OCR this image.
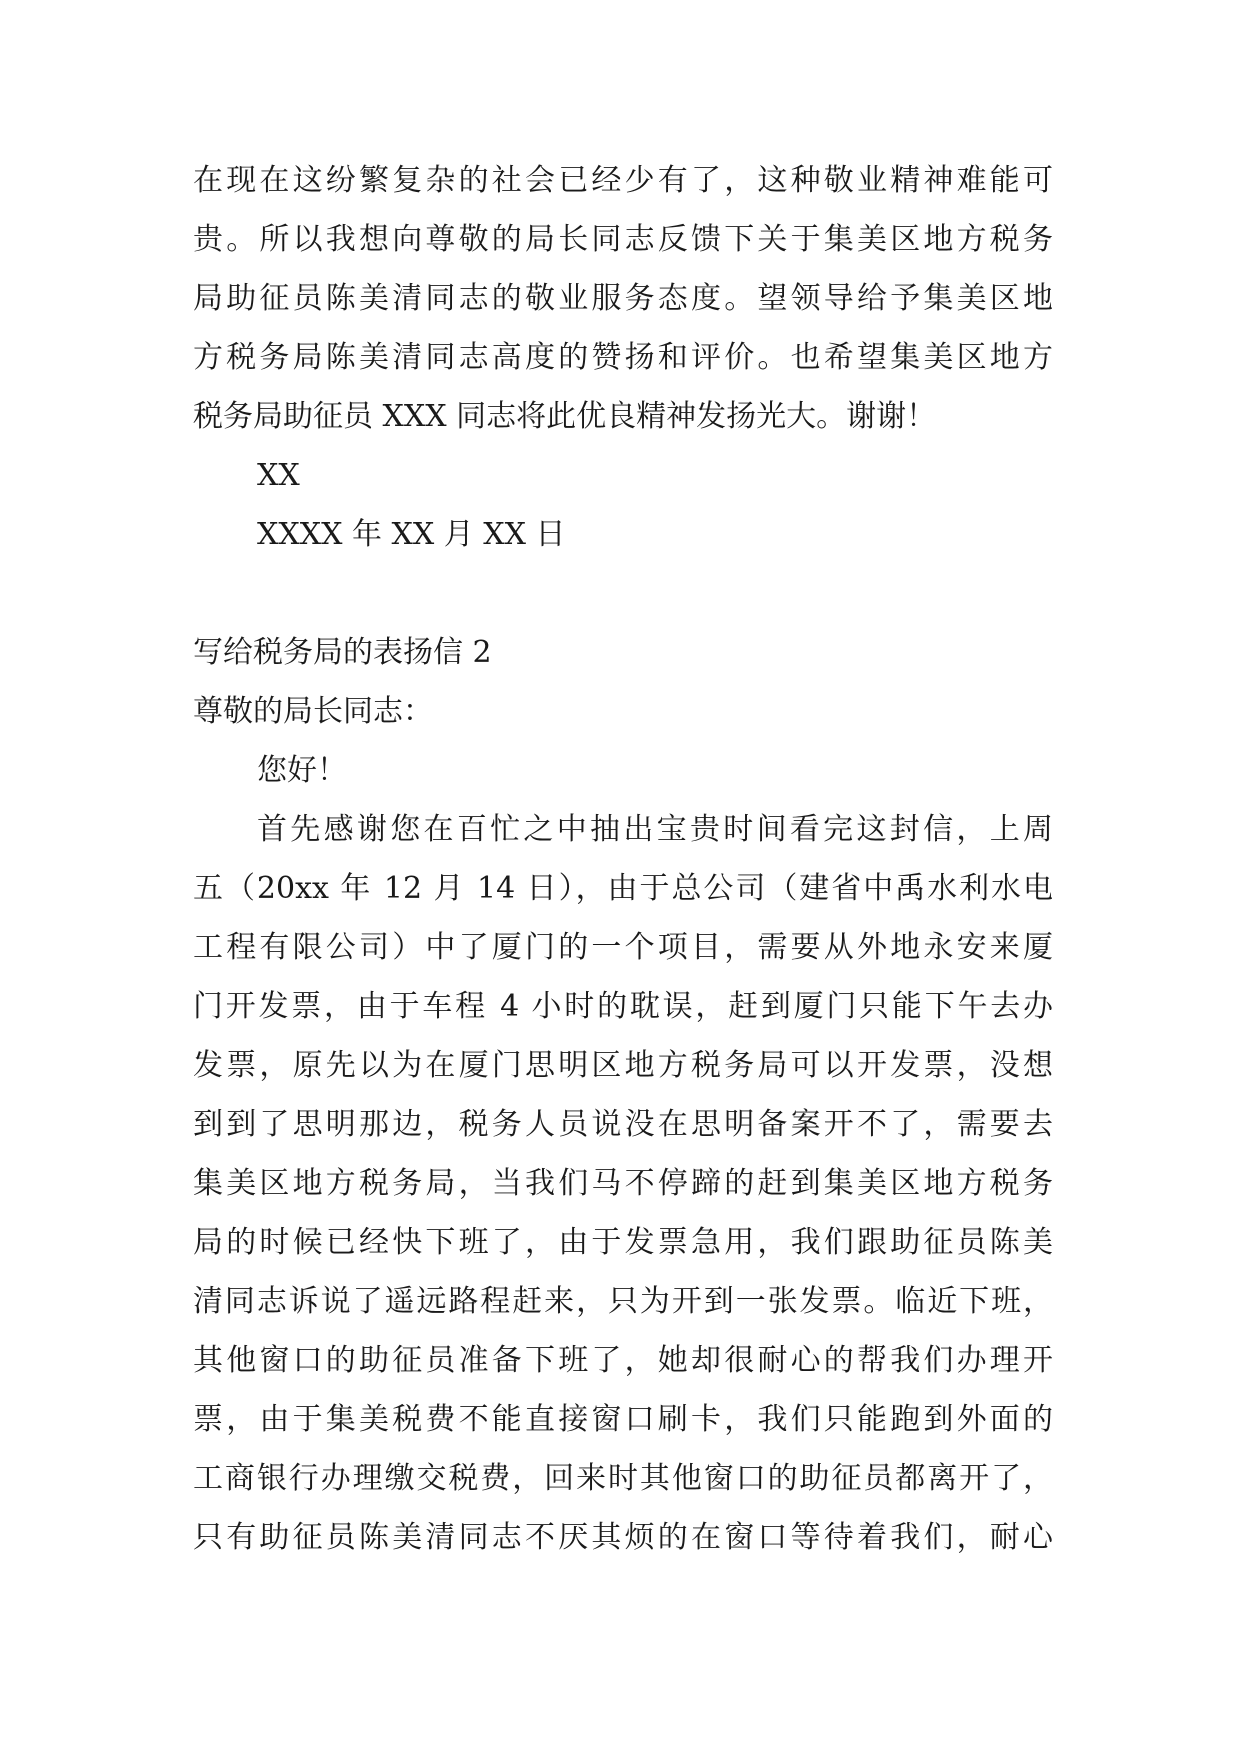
在现在这纷繁复杂的社会已经少有了，这种敬业精神难能可
贵。所以我想向尊敬的局长同志反馈下关于集美区地方税务
局助征员陈美清同志的敬业服务态度。望领导给予集美区地
方税务局陈美清同志高度的赞扬和评价。也希望集美区地方
税务局助征员 XXX 同志将此优良精神发扬光大。谢谢！
XX
XXXX 年 XX 月 XX 日
写给税务局的表扬信 2
尊敬的局长同志：
您好！
首先感谢您在百忙之中抽出宝贵时间看完这封信，上周
五（20xx 年 12 月 14 日），由于总公司（建省中禹水利水电
工程有限公司）中了厦门的一个项目，需要从外地永安来厦
门开发票，由于车程 4 小时的耽误，赶到厦门只能下午去办
发票，原先以为在厦门思明区地方税务局可以开发票，没想
到到了思明那边，税务人员说没在思明备案开不了，需要去
集美区地方税务局，当我们马不停蹄的赶到集美区地方税务
局的时候已经快下班了，由于发票急用，我们跟助征员陈美
清同志诉说了遥远路程赶来，只为开到一张发票。临近下班，
其他窗口的助征员准备下班了，她却很耐心的帮我们办理开
票，由于集美税费不能直接窗口刷卡，我们只能跑到外面的
工商银行办理缴交税费，回来时其他窗口的助征员都离开了，
只有助征员陈美清同志不厌其烦的在窗口等待着我们，耐心
